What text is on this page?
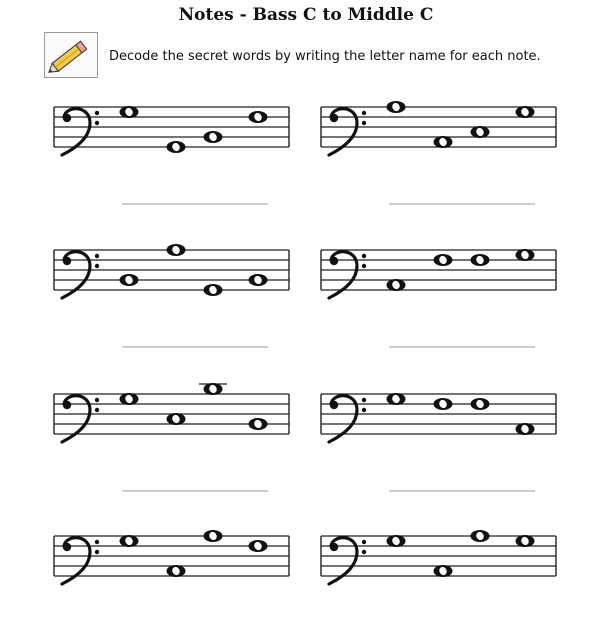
Notes - Bass C to Middle C
Decode the secret words by writing the letter name for each note.
